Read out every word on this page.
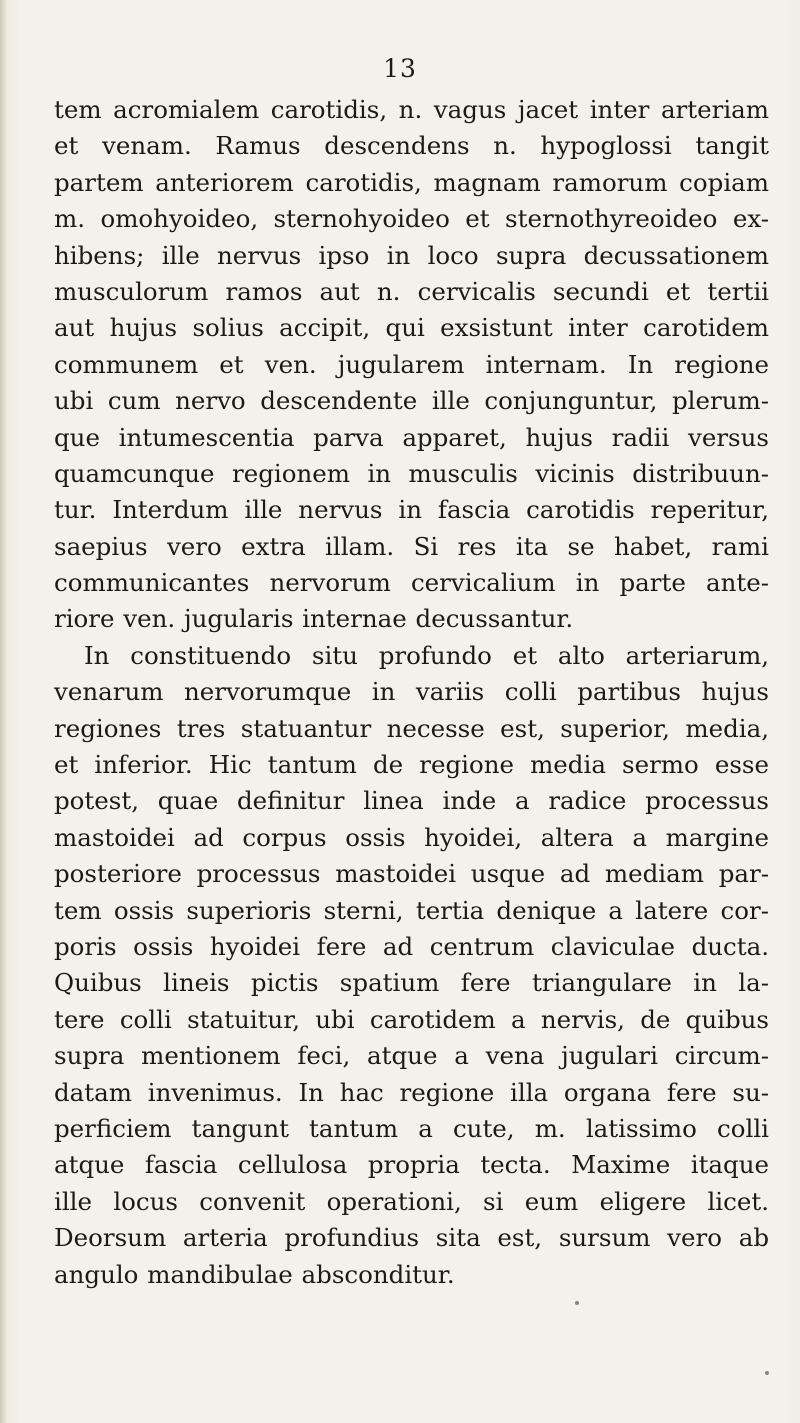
13
tem acromialem carotidis, n. vagus jacet inter arteriam
et venam. Ramus descendens n. hypoglossi tangit
partem anteriorem carotidis, magnam ramorum copiam
m. omohyoideo, sternohyoideo et sternothyreoideo ex-
hibens; ille nervus ipso in loco supra decussationem
musculorum ramos aut n. cervicalis secundi et tertii
aut hujus solius accipit, qui exsistunt inter carotidem
communem et ven. jugularem internam. In regione
ubi cum nervo descendente ille conjunguntur, plerum-
que intumescentia parva apparet, hujus radii versus
quamcunque regionem in musculis vicinis distribuun-
tur. Interdum ille nervus in fascia carotidis reperitur,
saepius vero extra illam. Si res ita se habet, rami
communicantes nervorum cervicalium in parte ante-
riore ven. jugularis internae decussantur.
In constituendo situ profundo et alto arteriarum,
venarum nervorumque in variis colli partibus hujus
regiones tres statuantur necesse est, superior, media,
et inferior. Hic tantum de regione media sermo esse
potest, quae definitur linea inde a radice processus
mastoidei ad corpus ossis hyoidei, altera a margine
posteriore processus mastoidei usque ad mediam par-
tem ossis superioris sterni, tertia denique a latere cor-
poris ossis hyoidei fere ad centrum claviculae ducta.
Quibus lineis pictis spatium fere triangulare in la-
tere colli statuitur, ubi carotidem a nervis, de quibus
supra mentionem feci, atque a vena jugulari circum-
datam invenimus. In hac regione illa organa fere su-
perficiem tangunt tantum a cute, m. latissimo colli
atque fascia cellulosa propria tecta. Maxime itaque
ille locus convenit operationi, si eum eligere licet.
Deorsum arteria profundius sita est, sursum vero ab
angulo mandibulae absconditur.
